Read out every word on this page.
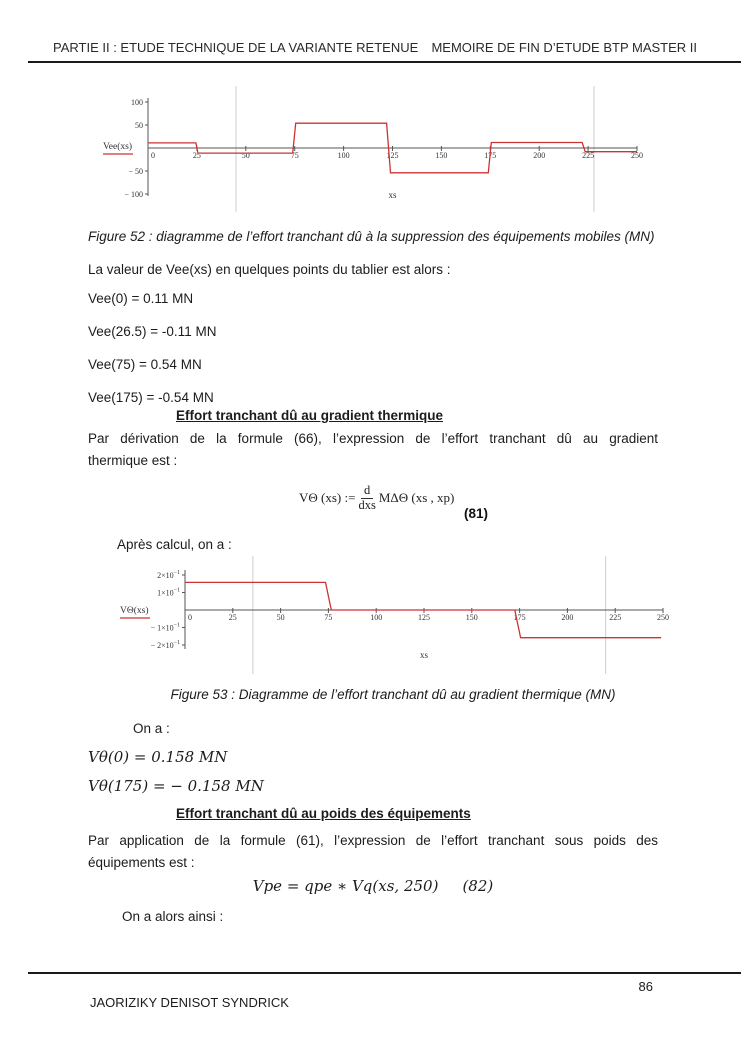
PARTIE II : ETUDE TECHNIQUE DE LA VARIANTE RETENUE MEMOIRE DE FIN D’ETUDE BTP MASTER II
0	25	50	75	100	125	150	175	200	225	250
100
50
− 50
− 100	xs
Vee(xs)
Figure 52 : diagramme de l’effort tranchant dû à la suppression des équipements mobiles (MN)
La valeur de Vee(xs) en quelques points du tablier est alors :
Vee(0) = 0.11 MN
Vee(26.5) = -0.11 MN
Vee(75) = 0.54 MN
Vee(175) = -0.54 MN
Effort tranchant dû au gradient thermique
Par dérivation de la formule (66), l’expression de l’effort tranchant dû au gradient
thermique est :
VΘ (xs) := $\frac{d}{\text{dxs}}$ MΔΘ (xs , xp)
(81)
Après calcul, on a :
0	25	50	75	100	125	150	175	200	225	250
$2\times 10^{-1}$
$1\times 10^{-1}$
− $1\times 10^{-1}$
− $2\times 10^{-1}$
xs
VΘ(xs)
Figure 53 : Diagramme de l’effort tranchant dû au gradient thermique (MN)
On a :
Vθ(0) = 0.158 MN
Vθ(175) = − 0.158 MN
Effort tranchant dû au poids des équipements
Par application de la formule (61), l’expression de l’effort tranchant sous poids des
équipements est :
Vpe = qpe ∗ Vq(xs, 250) (82)
On a alors ainsi :
86
JAORIZIKY DENISOT SYNDRICK
